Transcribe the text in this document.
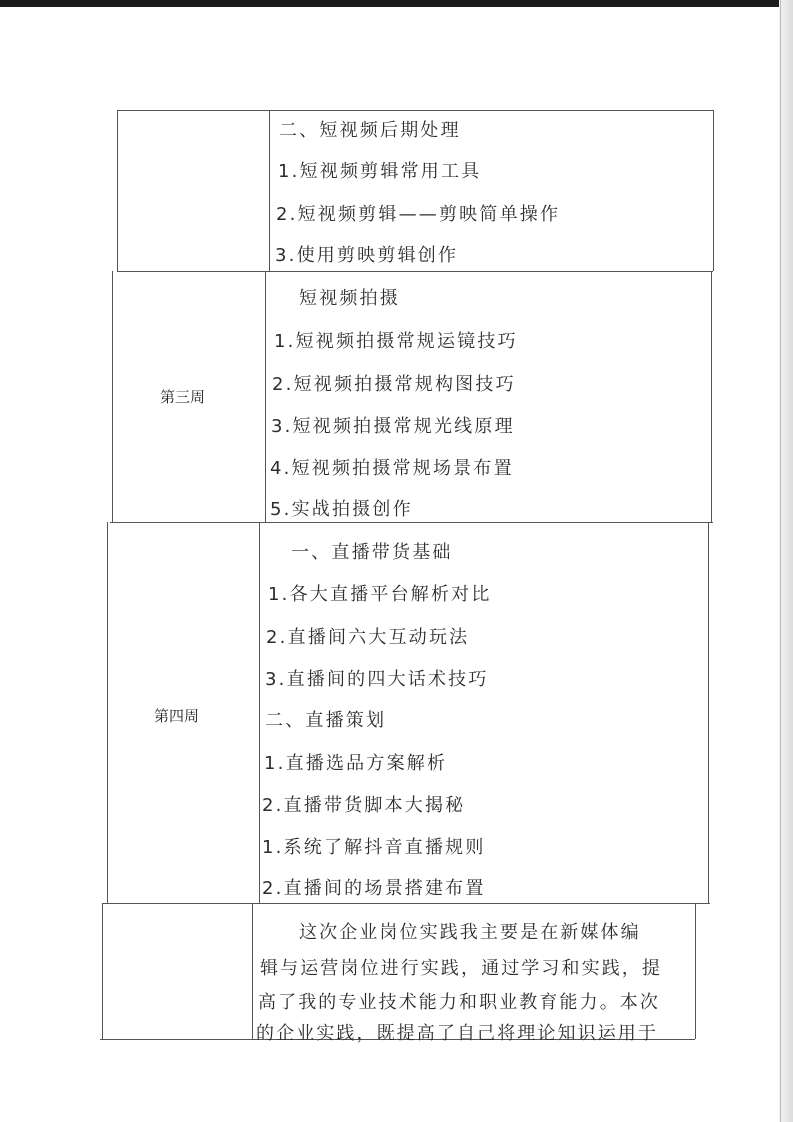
二、短视频后期处理
1.短视频剪辑常用工具
2.短视频剪辑——剪映简单操作
3.使用剪映剪辑创作
第三周
短视频拍摄
1.短视频拍摄常规运镜技巧
2.短视频拍摄常规构图技巧
3.短视频拍摄常规光线原理
4.短视频拍摄常规场景布置
5.实战拍摄创作
第四周
一、直播带货基础
1.各大直播平台解析对比
2.直播间六大互动玩法
3.直播间的四大话术技巧
二、直播策划
1.直播选品方案解析
2.直播带货脚本大揭秘
1.系统了解抖音直播规则
2.直播间的场景搭建布置
这次企业岗位实践我主要是在新媒体编
辑与运营岗位进行实践，通过学习和实践，提
高了我的专业技术能力和职业教育能力。本次
的企业实践，既提高了自己将理论知识运用于
